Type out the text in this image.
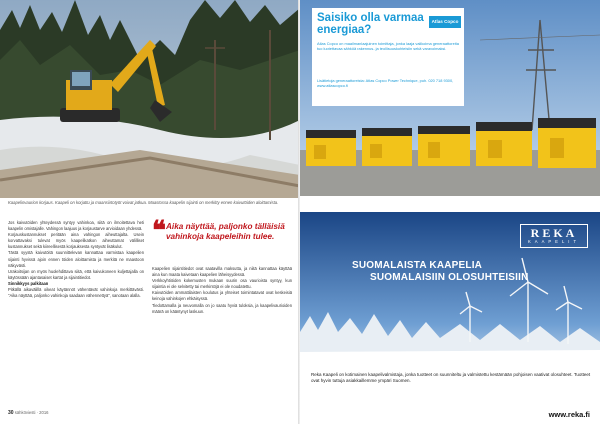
Kaapelinvaurion korjaus. Kaapeli on korjattu ja maansiirtotyöt voivat jatkua. Maastossa kaapelin sijainti on merkitty ennen kaivutöiden aloittamista.

Jos kaivutöiden yhteydessä syntyy vahinkoa, siitä on ilmoitettava heti kaapelin omistajalle. Vahingon laajuus ja korjaustarve arvioidaan yhdessä.

Korjauskustannukset peritään aina vahingon aiheuttajalta. Usein korvattavaksi tulevat myös kaapelikatkon aiheuttamat välilliset kustannukset sekä kiireellisestä korjauksesta syntyvät lisäkulut.

Tästä syystä kaivutöitä suunnittelevan kannattaa varmistaa kaapelien sijainti hyvissä ajoin ennen töiden aloittamista ja merkitä ne maastoon näkyvästi.

Urakoitsijan on myös huolehdittava siitä, että kaivukoneen kuljettajalla on käytössään ajantasaiset kartat ja sijaintitiedot.

Sinnikkyys palkitaan

Pitkällä aikavälillä oikeat käytännöt vähentävät vahinkoja merkittävästi. "Aika näyttää, paljonko vahinkoja saadaan vähennettyä", sanotaan alalla.

❝ Aika näyttää, paljonko tälläisiä vahinkoja kaapeleihin tulee.

Kaapelien sijaintitiedot ovat saatavilla maksutta, ja niitä kannattaa käyttää aina kun maata kaivetaan kaapelien läheisyydessä.

Verkkoyhtiöiden kokemusten mukaan suurin osa vaurioista syntyy, kun sijaintia ei ole selvitetty tai merkintöjä ei ole noudatettu.

Kaivutöiden ammattilaisten koulutus ja yhteiset toimintatavat ovat keskeisiä keinoja vahinkojen ehkäisyssä.

Tiedottamalla ja neuvomalla on jo saatu hyviä tuloksia, ja kaapelivaurioiden määrä on kääntynyt laskuun.

30 sähköviesti · 2016
Saisiko olla varmaa energiaa?
Atlas Copco
Atlas Copco on maailmanlaajuinen toimittaja, jonka laaja valikoima generaattoreita tuo luotettavaa sähköä rakennus- ja teollisuuskohteisiin sekä varavoimaksi.
Lisätietoja generaattoreista: Atlas Copco Power Technique, puh. 020 718 9300, www.atlascopco.fi
REKA
KAAPELIT
SUOMALAISTA KAAPELIA
SUOMALAISIIN OLOSUHTEISIIN
Reka Kaapeli on kotimainen kaapelivalmistaja, jonka tuotteet on suunniteltu ja valmistettu kestämään pohjoisen vaativat olosuhteet. Tuotteet ovat hyvin tuttuja asiakkaillemme ympäri Suomen.
www.reka.fi
